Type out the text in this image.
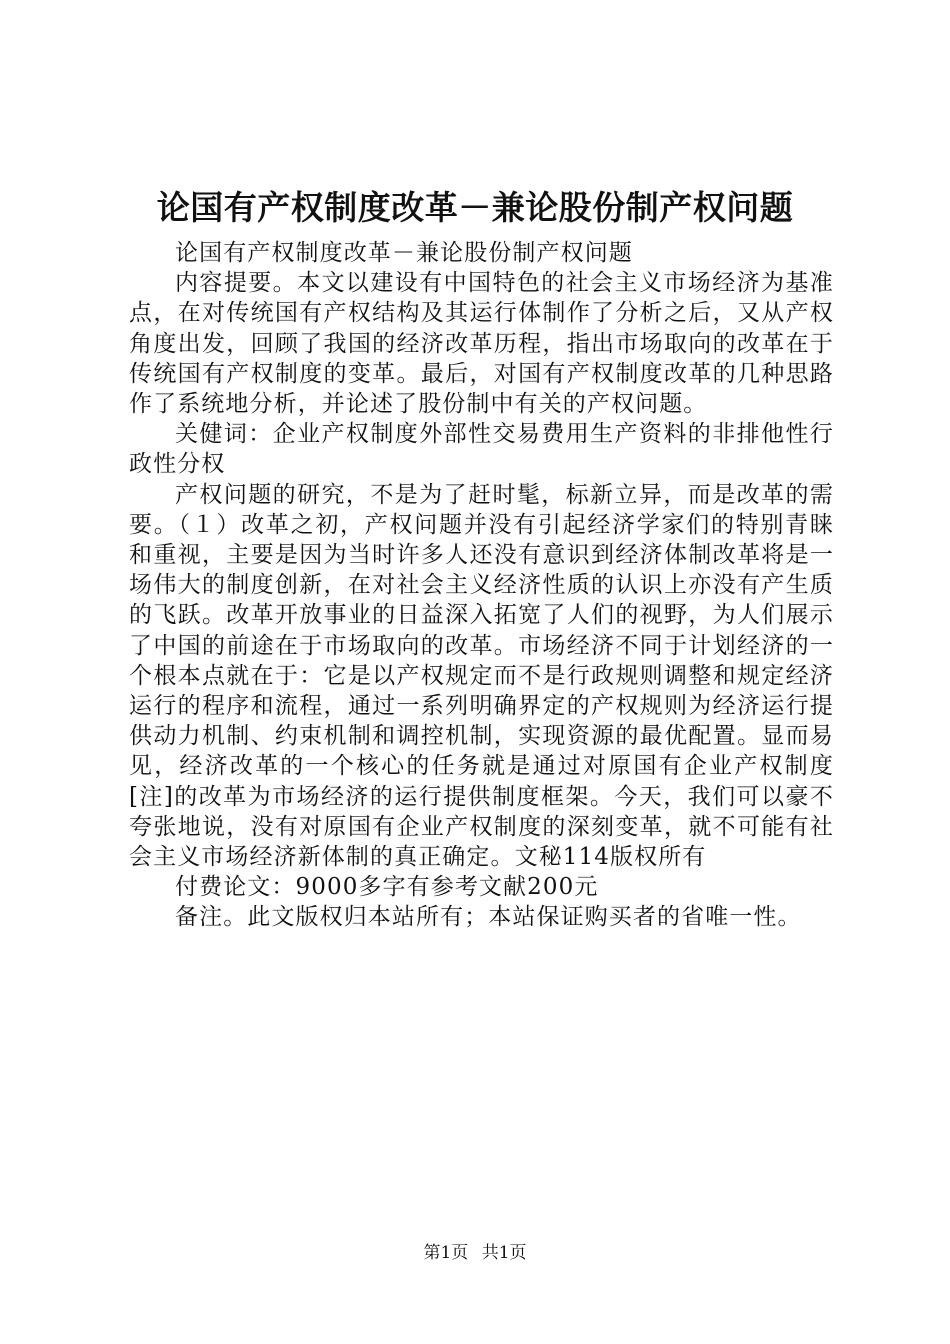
论国有产权制度改革－兼论股份制产权问题

论国有产权制度改革－兼论股份制产权问题

内容提要。本文以建设有中国特色的社会主义市场经济为基准点，在对传统国有产权结构及其运行体制作了分析之后，又从产权角度出发，回顾了我国的经济改革历程，指出市场取向的改革在于传统国有产权制度的变革。最后，对国有产权制度改革的几种思路作了系统地分析，并论述了股份制中有关的产权问题。

关健词：企业产权制度外部性交易费用生产资料的非排他性行政性分权

产权问题的研究，不是为了赶时髦，标新立异，而是改革的需要。（１）改革之初，产权问题并没有引起经济学家们的特别青睐和重视，主要是因为当时许多人还没有意识到经济体制改革将是一场伟大的制度创新，在对社会主义经济性质的认识上亦没有产生质的飞跃。改革开放事业的日益深入拓宽了人们的视野，为人们展示了中国的前途在于市场取向的改革。市场经济不同于计划经济的一个根本点就在于：它是以产权规定而不是行政规则调整和规定经济运行的程序和流程，通过一系列明确界定的产权规则为经济运行提供动力机制、约束机制和调控机制，实现资源的最优配置。显而易见，经济改革的一个核心的任务就是通过对原国有企业产权制度[注]的改革为市场经济的运行提供制度框架。今天，我们可以豪不夸张地说，没有对原国有企业产权制度的深刻变革，就不可能有社会主义市场经济新体制的真正确定。文秘114版权所有

付费论文：9000多字有参考文献200元

备注。此文版权归本站所有；本站保证购买者的省唯一性。

第1页 共1页
